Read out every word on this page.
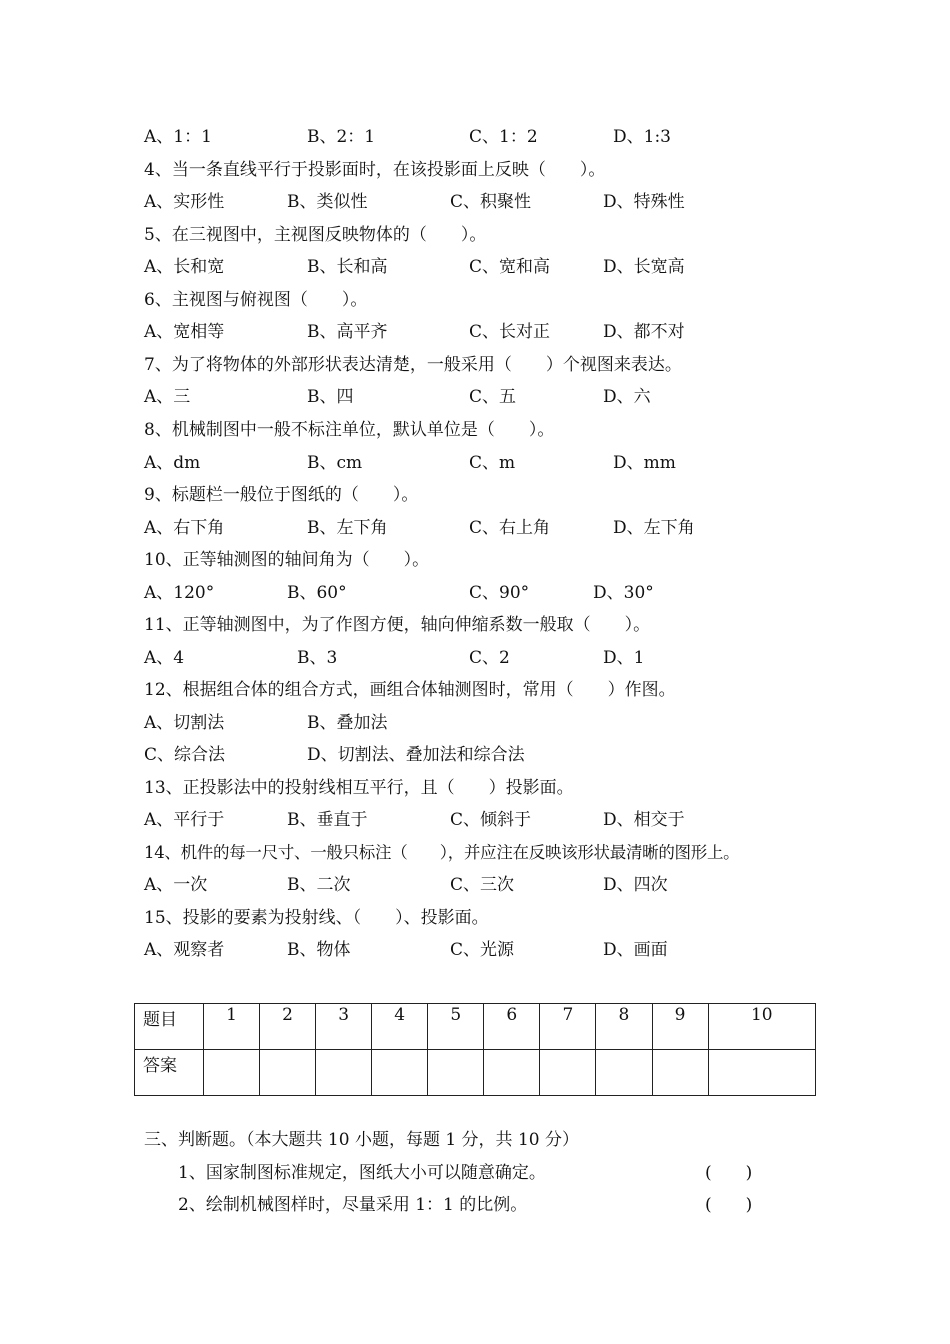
A、1：1	B、2：1	C、1：2	D、1:3
4、当一条直线平行于投影面时，在该投影面上反映（　　）。
A、实形性	B、类似性	C、积聚性	D、特殊性
5、在三视图中，主视图反映物体的（　　）。
A、长和宽	B、长和高	C、宽和高	D、长宽高
6、主视图与俯视图（　　）。
A、宽相等	B、高平齐	C、长对正	D、都不对
7、为了将物体的外部形状表达清楚，一般采用（　　）个视图来表达。
A、三	B、四	C、五	D、六
8、机械制图中一般不标注单位，默认单位是（　　）。
A、dm	B、cm	C、m	D、mm
9、标题栏一般位于图纸的（　　）。
A、右下角	B、左下角	C、右上角	D、左下角
10、正等轴测图的轴间角为（　　）。
A、120°	B、60°	C、90°	D、30°
11、正等轴测图中，为了作图方便，轴向伸缩系数一般取（　　）。
A、4	B、3	C、2	D、1
12、根据组合体的组合方式，画组合体轴测图时，常用（　　）作图。
A、切割法	B、叠加法
C、综合法	D、切割法、叠加法和综合法
13、正投影法中的投射线相互平行，且（　　）投影面。
A、平行于	B、垂直于	C、倾斜于	D、相交于
14、机件的每一尺寸、一般只标注（　　），并应注在反映该形状最清晰的图形上。
A、一次	B、二次	C、三次	D、四次
15、投影的要素为投射线、（　　）、投影面。
A、观察者	B、物体	C、光源	D、画面
题目	1	2	3	4	5	6	7	8	9	10
答案										
三、判断题。（本大题共 10 小题，每题 1 分，共 10 分）
1、国家制图标准规定，图纸大小可以随意确定。	(　　)
2、绘制机械图样时，尽量采用 1：1 的比例。	(　　)
